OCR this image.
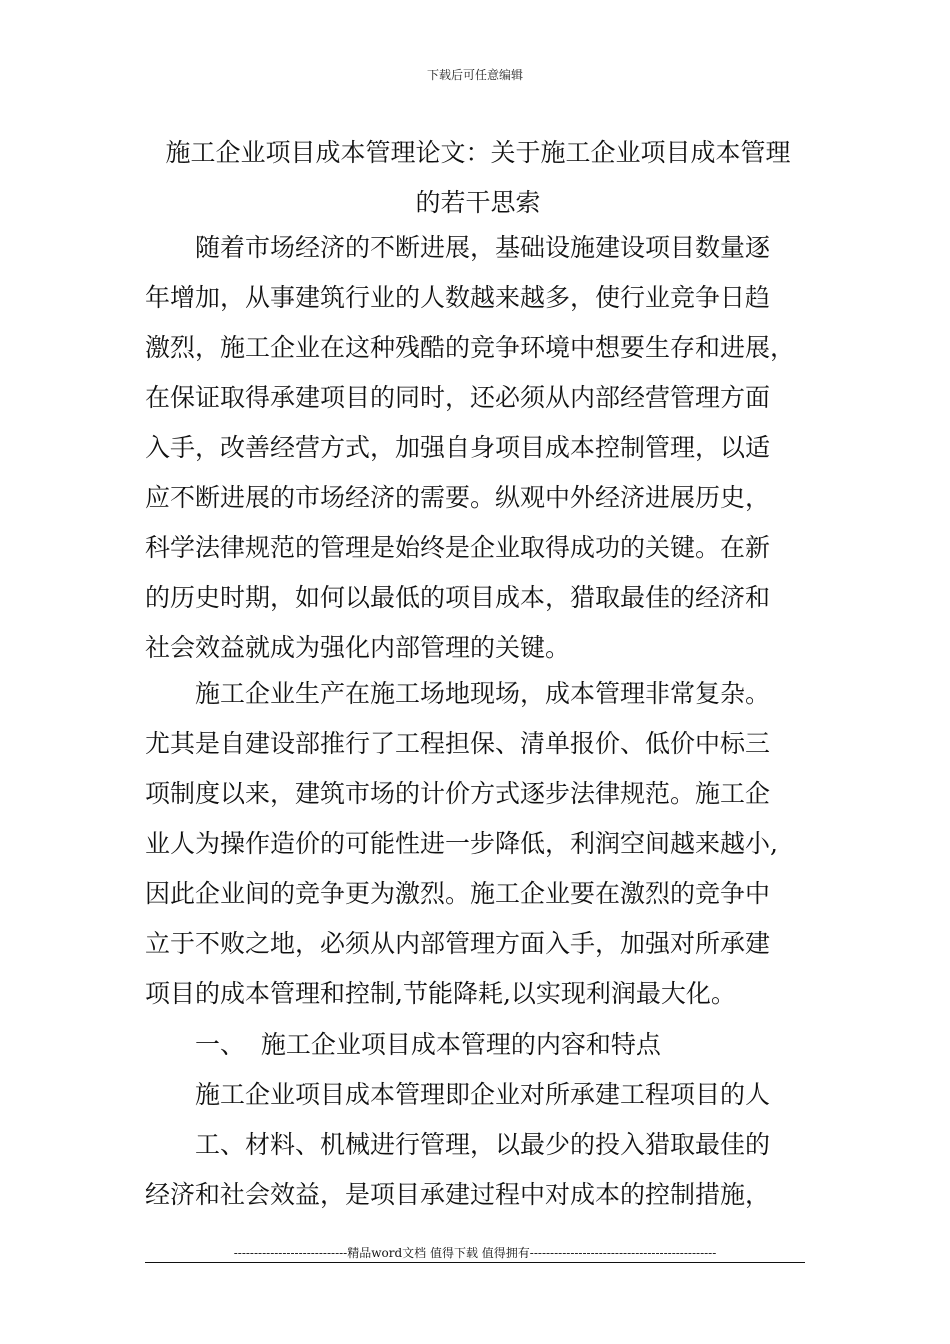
下载后可任意编辑
施工企业项目成本管理论文：关于施工企业项目成本管理
的若干思索
随着市场经济的不断进展，基础设施建设项目数量逐
年增加，从事建筑行业的人数越来越多，使行业竞争日趋
激烈，施工企业在这种残酷的竞争环境中想要生存和进展，
在保证取得承建项目的同时，还必须从内部经营管理方面
入手，改善经营方式，加强自身项目成本控制管理，以适
应不断进展的市场经济的需要。纵观中外经济进展历史，
科学法律规范的管理是始终是企业取得成功的关键。在新
的历史时期，如何以最低的项目成本，猎取最佳的经济和
社会效益就成为强化内部管理的关键。
施工企业生产在施工场地现场，成本管理非常复杂。
尤其是自建设部推行了工程担保、清单报价、低价中标三
项制度以来，建筑市场的计价方式逐步法律规范。施工企
业人为操作造价的可能性进一步降低，利润空间越来越小,
因此企业间的竞争更为激烈。施工企业要在激烈的竞争中
立于不败之地，必须从内部管理方面入手，加强对所承建
项目的成本管理和控制,节能降耗,以实现利润最大化。
一、  施工企业项目成本管理的内容和特点
施工企业项目成本管理即企业对所承建工程项目的人
工、材料、机械进行管理，以最少的投入猎取最佳的
经济和社会效益，是项目承建过程中对成本的控制措施，
----------------------------精品word文档 值得下载 值得拥有----------------------------------------------
